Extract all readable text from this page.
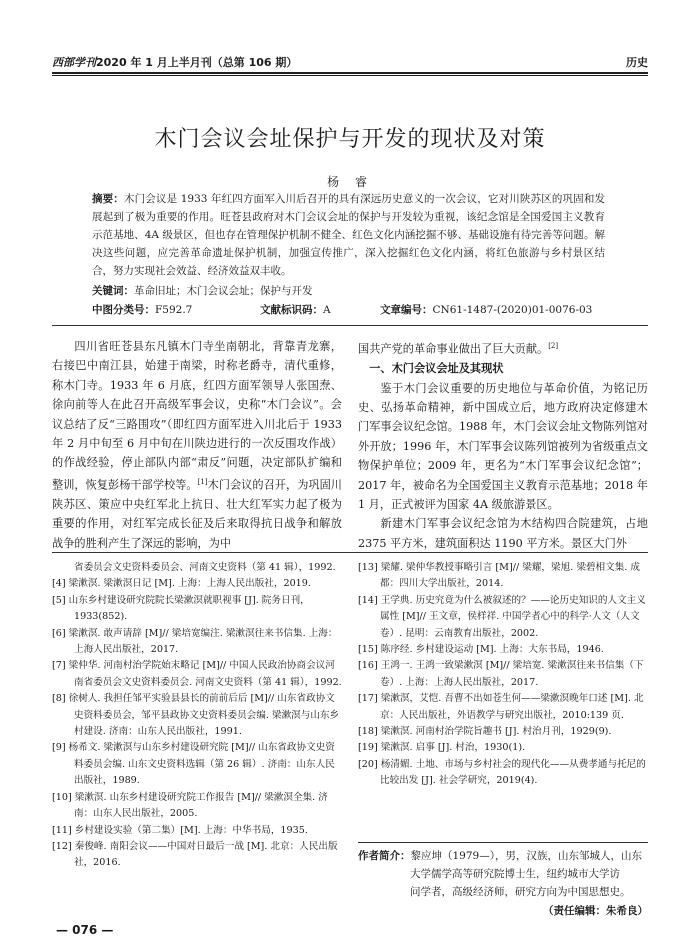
西部学刊2020 年 1 月上半月刊（总第 106 期）	历史
木门会议会址保护与开发的现状及对策
杨 睿
摘要：木门会议是 1933 年红四方面军入川后召开的具有深远历史意义的一次会议，它对川陕苏区的巩固和发展起到了极为重要的作用。旺苍县政府对木门会议会址的保护与开发较为重视，该纪念馆是全国爱国主义教育示范基地、4A 级景区，但也存在管理保护机制不健全、红色文化内涵挖掘不够、基础设施有待完善等问题。解决这些问题，应完善革命遗址保护机制，加强宣传推广，深入挖掘红色文化内涵，将红色旅游与乡村景区结合，努力实现社会效益、经济效益双丰收。
关键词：革命旧址；木门会议会址；保护与开发
中图分类号：F592.7	文献标识码：A	文章编号：CN61-1487-(2020)01-0076-03

四川省旺苍县东凡镇木门寺坐南朝北，背靠青龙寨，右接巴中南江县，始建于南梁，时称老爵寺，清代重修，称木门寺。1933 年 6 月底，红四方面军领导人张国焘、徐向前等人在此召开高级军事会议，史称“木门会议”。会议总结了反“三路围攻”（即红四方面军进入川北后于 1933 年 2 月中旬至 6 月中旬在川陕边进行的一次反围攻作战）的作战经验，停止部队内部“肃反”问题，决定部队扩编和整训，恢复彭杨干部学校等。[1]木门会议的召开，为巩固川陕苏区、策应中央红军北上抗日、壮大红军实力起了极为重要的作用，对红军完成长征及后来取得抗日战争和解放战争的胜利产生了深远的影响，为中

国共产党的革命事业做出了巨大贡献。[2]

一、木门会议会址及其现状

鉴于木门会议重要的历史地位与革命价值，为铭记历史、弘扬革命精神，新中国成立后，地方政府决定修建木门军事会议纪念馆。1988 年，木门会议会址文物陈列馆对外开放；1996 年，木门军事会议陈列馆被列为省级重点文物保护单位；2009 年，更名为“木门军事会议纪念馆”；2017 年，被命名为全国爱国主义教育示范基地；2018 年 1 月，正式被评为国家 4A 级旅游景区。

新建木门军事会议纪念馆为木结构四合院建筑，占地 2375 平方米，建筑面积达 1190 平方米。景区大门外

省委员会文史资料委员会、河南文史资料（第 41 辑），1992.

[4] 梁漱溟. 梁漱溟日记 [M]. 上海：上海人民出版社，2019.

[5] 山东乡村建设研究院院长梁漱溟就职视事 [J]. 院务日刊，1933(852).

[6] 梁漱溟. 敢声请辞 [M]// 梁培宽编注. 梁漱溟往来书信集. 上海：上海人民出版社，2017.

[7] 梁仲华. 河南村治学院始末略记 [M]// 中国人民政治协商会议河南省委员会文史资料委员会. 河南文史资料（第 41 辑），1992.

[8] 徐树人. 我担任邹平实验县县长的前前后后 [M]// 山东省政协文史资料委员会，邹平县政协文史资料委员会编. 梁漱溟与山东乡村建设. 济南：山东人民出版社，1991.

[9] 杨希文. 梁漱溟与山东乡村建设研究院 [M]// 山东省政协文史资料委员会编. 山东文史资料选辑（第 26 辑）. 济南：山东人民出版社，1989.

[10] 梁漱溟. 山东乡村建设研究院工作报告 [M]// 梁漱溟全集. 济南：山东人民出版社，2005.

[11] 乡村建设实验（第二集）[M]. 上海：中华书局，1935.

[12] 秦俊峰. 南阳会议——中国对日最后一战 [M]. 北京：人民出版社，2016.

[13] 梁耀. 梁仲华教授事略引言 [M]// 梁耀，梁旭. 梁碧相文集. 成都：四川大学出版社，2014.

[14] 王学典. 历史究竟为什么被叙述的？——论历史知识的人文主义属性 [M]// 王文章，侯样祥. 中国学者心中的科学·人文（人文卷）. 昆明：云南教育出版社，2002.

[15] 陈序经. 乡村建设运动 [M]. 上海：大东书局，1946.

[16] 王鸿一. 王鸿一致梁漱溟 [M]// 梁培宽. 梁漱溟往来书信集（下卷）. 上海：上海人民出版社，2017.

[17] 梁漱溟，艾恺. 吾曹不出如苍生何——梁漱溟晚年口述 [M]. 北京：人民出版社，外语教学与研究出版社，2010:139 页.

[18] 梁漱溟. 河南村治学院旨趣书 [J]. 村治月刊，1929(9).

[19] 梁漱溟. 启事 [J]. 村治，1930(1).

[20] 杨清媚. 土地、市场与乡村社会的现代化——从费孝通与托尼的比较出发 [J]. 社会学研究，2019(4).

作者简介：黎应坤（1979—），男，汉族，山东邹城人，山东
大学儒学高等研究院博士生，纽约城市大学访
问学者，高级经济师，研究方向为中国思想史。
（责任编辑：朱希良）
— 076 —
